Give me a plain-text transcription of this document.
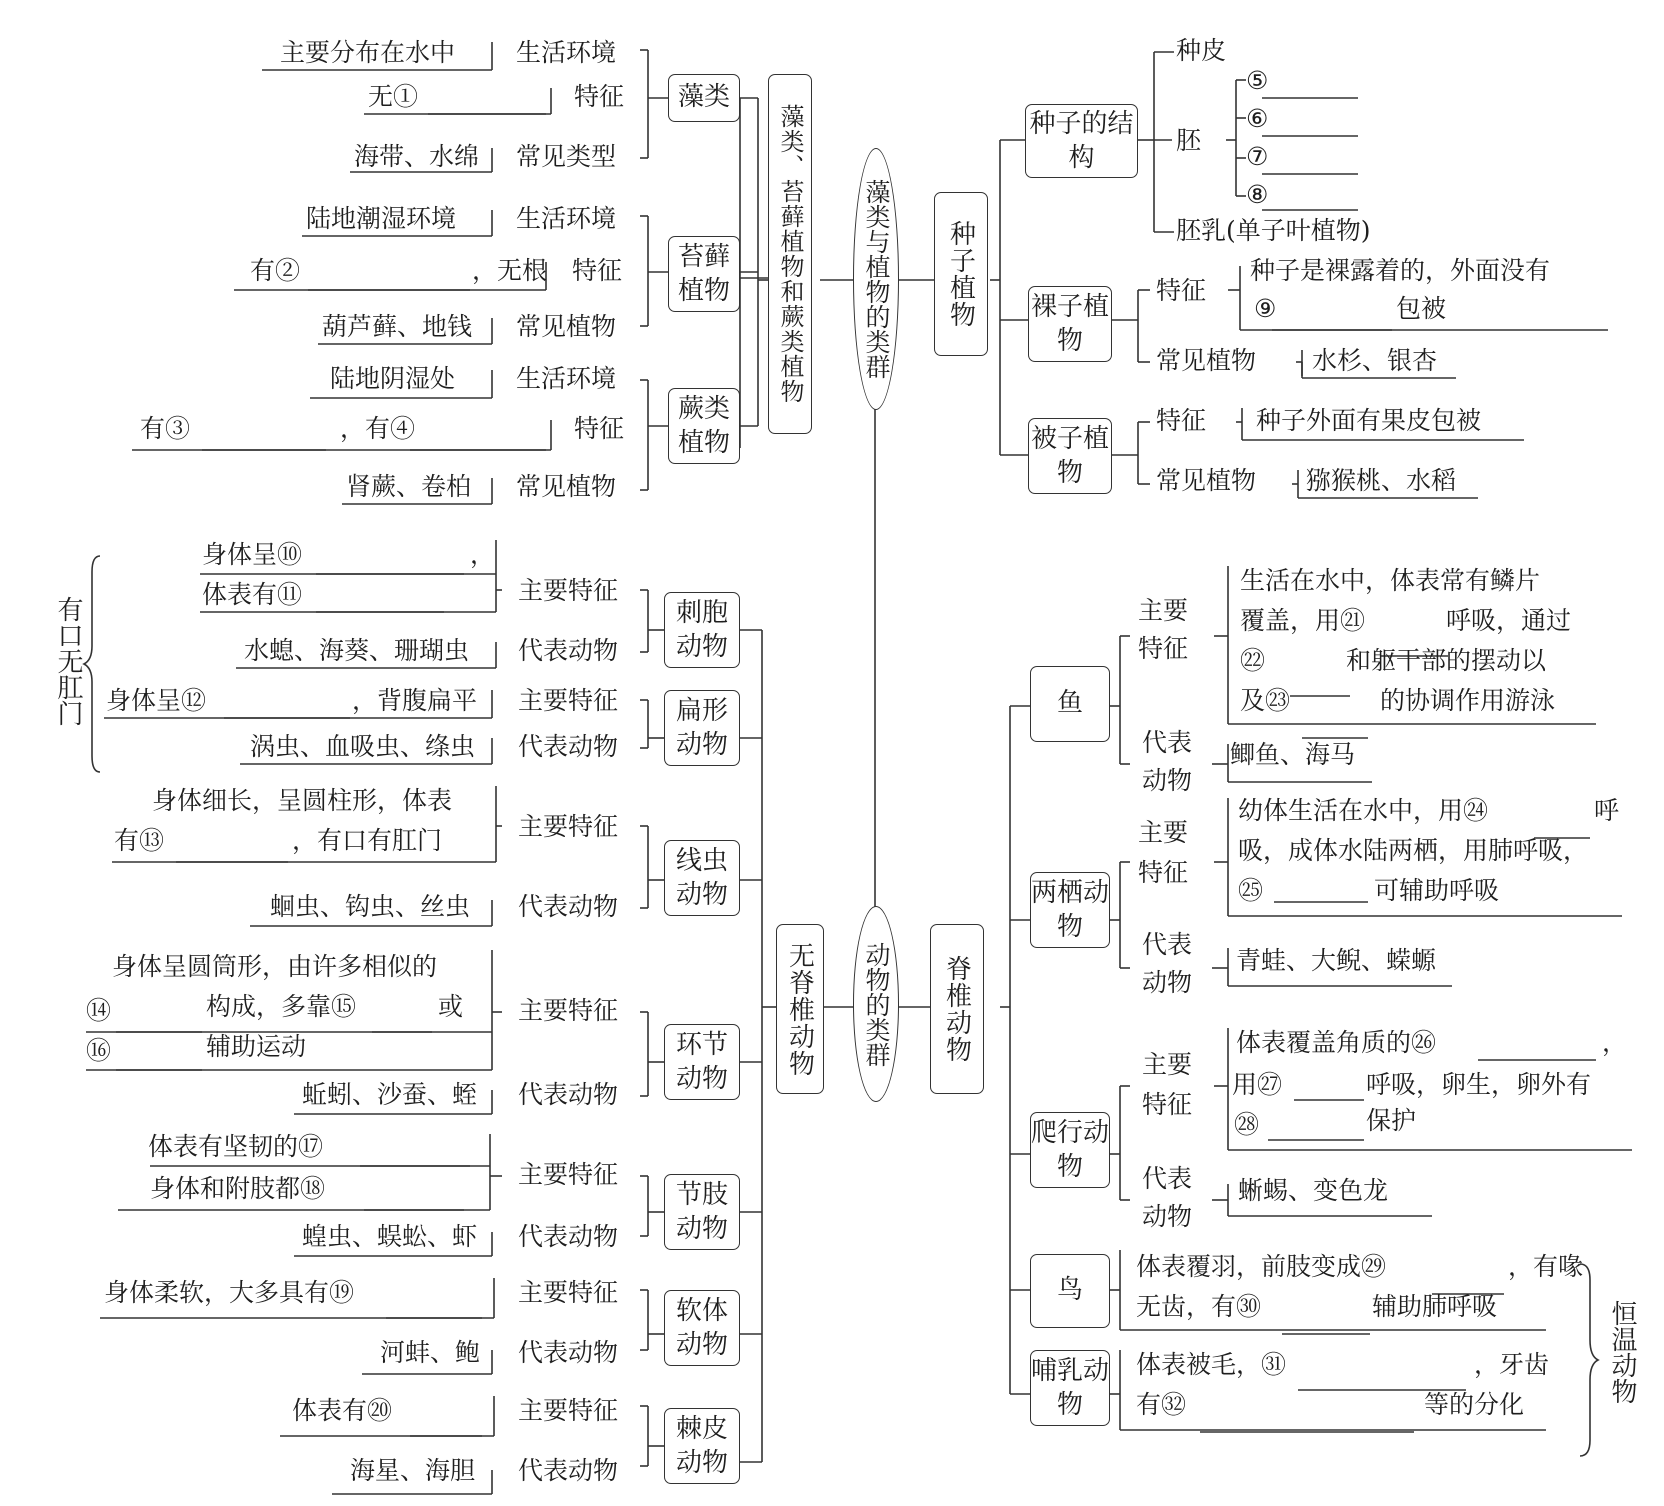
藻类与植物的类群
动物的类群
藻类、苔藓植物和蕨类植物	种子植物
无脊椎动物	脊椎动物
藻类
苔藓植物
蕨类植物
生活环境
主要分布在水中
特征
无①
常见类型
海带、水绵
生活环境
陆地潮湿环境
特征
有②	，无根
常见植物
葫芦藓、地钱
生活环境
陆地阴湿处
特征
有③	，有④
常见植物
肾蕨、卷柏
种子的结构
种皮
胚
⑤
⑥
⑦
⑧
胚乳(单子叶植物)
裸子植物
特征
种子是裸露着的，外面没有
⑨	包被
常见植物 水杉、银杏
被子植物
特征 种子外面有果皮包被
常见植物 猕猴桃、水稻
有口无肛门	刺胞动物
身体呈⑩	，
体表有⑪	主要特征
水螅、海葵、珊瑚虫 代表动物
扁形动物
身体呈⑫	，背腹扁平 主要特征
涡虫、血吸虫、绦虫 代表动物
线虫动物
身体细长，呈圆柱形，体表
有⑬	，有口有肛门	主要特征
蛔虫、钩虫、丝虫 代表动物
环节动物
身体呈圆筒形，由许多相似的
⑭	构成，多靠⑮	或
⑯	辅助运动
主要特征
蚯蚓、沙蚕、蛭 代表动物
节肢动物
体表有坚韧的⑰
身体和附肢都⑱	主要特征
蝗虫、蜈蚣、虾 代表动物
软体动物
身体柔软，大多具有⑲	主要特征
河蚌、鲍 代表动物
棘皮动物
体表有⑳	主要特征
海星、海胆 代表动物
鱼
主要
特征
生活在水中，体表常有鳞片
覆盖，用㉑	呼吸，通过
㉒	和躯干部的摆动以
及㉓	的协调作用游泳
代表
动物
鲫鱼、海马
两栖动物
主要
特征
幼体生活在水中，用㉔	呼
吸，成体水陆两栖，用肺呼吸，
㉕	可辅助呼吸
代表
动物
青蛙、大鲵、蝾螈
爬行动物
主要
特征
体表覆盖角质的㉖	，
用㉗	呼吸，卵生，卵外有
㉘	保护
代表
动物
蜥蜴、变色龙
鸟
体表覆羽，前肢变成㉙	，有喙
无齿，有㉚	辅助肺呼吸
哺乳动物
体表被毛，㉛	，牙齿
有㉜	等的分化
恒温动物
